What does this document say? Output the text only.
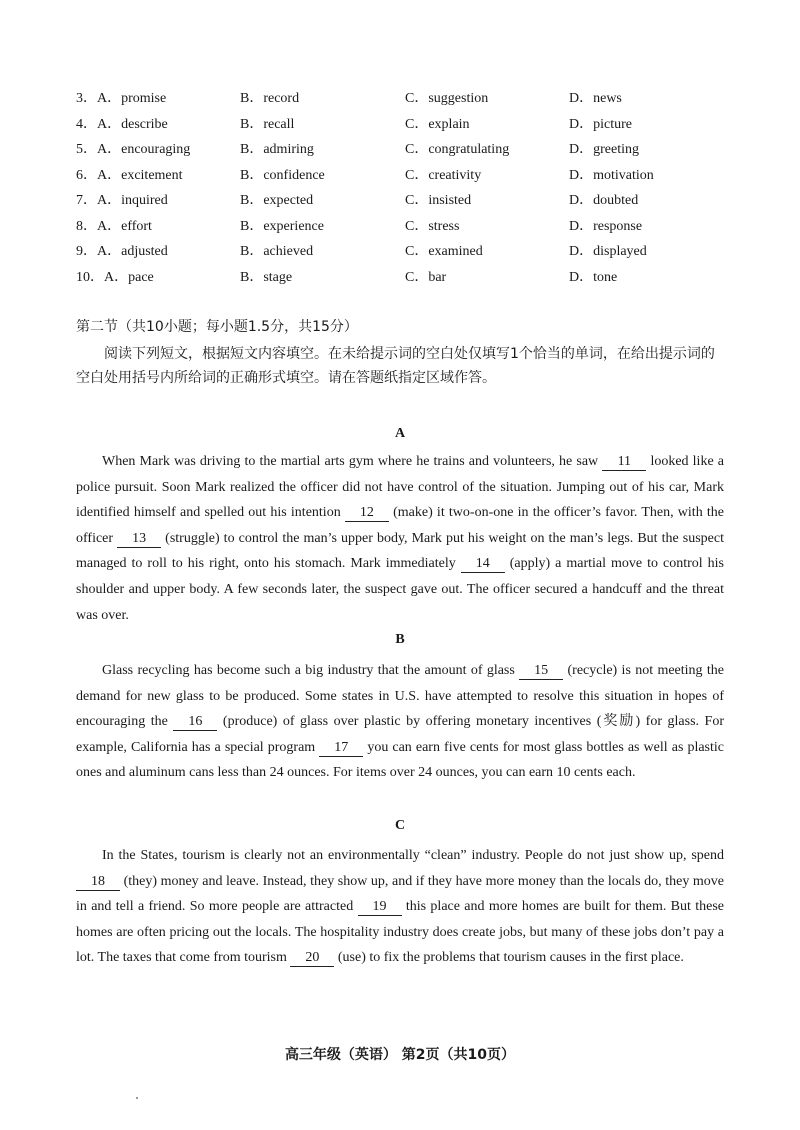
3．A．promise	B．record	C．suggestion	D．news
4．A．describe	B．recall	C．explain	D．picture
5．A．encouraging	B．admiring	C．congratulating	D．greeting
6．A．excitement	B．confidence	C．creativity	D．motivation
7．A．inquired	B．expected	C．insisted	D．doubted
8．A．effort	B．experience	C．stress	D．response
9．A．adjusted	B．achieved	C．examined	D．displayed
10．A．pace	B．stage	C．bar	D．tone
第二节（共10小题；每小题1.5分，共15分）
阅读下列短文，根据短文内容填空。在未给提示词的空白处仅填写1个恰当的单词，在给出提示词的空白处用括号内所给词的正确形式填空。请在答题纸指定区域作答。
A
When Mark was driving to the martial arts gym where he trains and volunteers, he saw 11 looked like a police pursuit. Soon Mark realized the officer did not have control of the situation. Jumping out of his car, Mark identified himself and spelled out his intention 12 (make) it two-on-one in the officer’s favor. Then, with the officer 13 (struggle) to control the man’s upper body, Mark put his weight on the man’s legs. But the suspect managed to roll to his right, onto his stomach. Mark immediately 14 (apply) a martial move to control his shoulder and upper body. A few seconds later, the suspect gave out. The officer secured a handcuff and the threat was over.
B
Glass recycling has become such a big industry that the amount of glass 15 (recycle) is not meeting the demand for new glass to be produced. Some states in U.S. have attempted to resolve this situation in hopes of encouraging the 16 (produce) of glass over plastic by offering monetary incentives (奖励) for glass. For example, California has a special program 17 you can earn five cents for most glass bottles as well as plastic ones and aluminum cans less than 24 ounces. For items over 24 ounces, you can earn 10 cents each.
C
In the States, tourism is clearly not an environmentally “clean” industry. People do not just show up, spend 18 (they) money and leave. Instead, they show up, and if they have more money than the locals do, they move in and tell a friend. So more people are attracted 19 this place and more homes are built for them. But these homes are often pricing out the locals. The hospitality industry does create jobs, but many of these jobs don’t pay a lot. The taxes that come from tourism 20 (use) to fix the problems that tourism causes in the first place.
高三年级（英语） 第2页（共10页）
